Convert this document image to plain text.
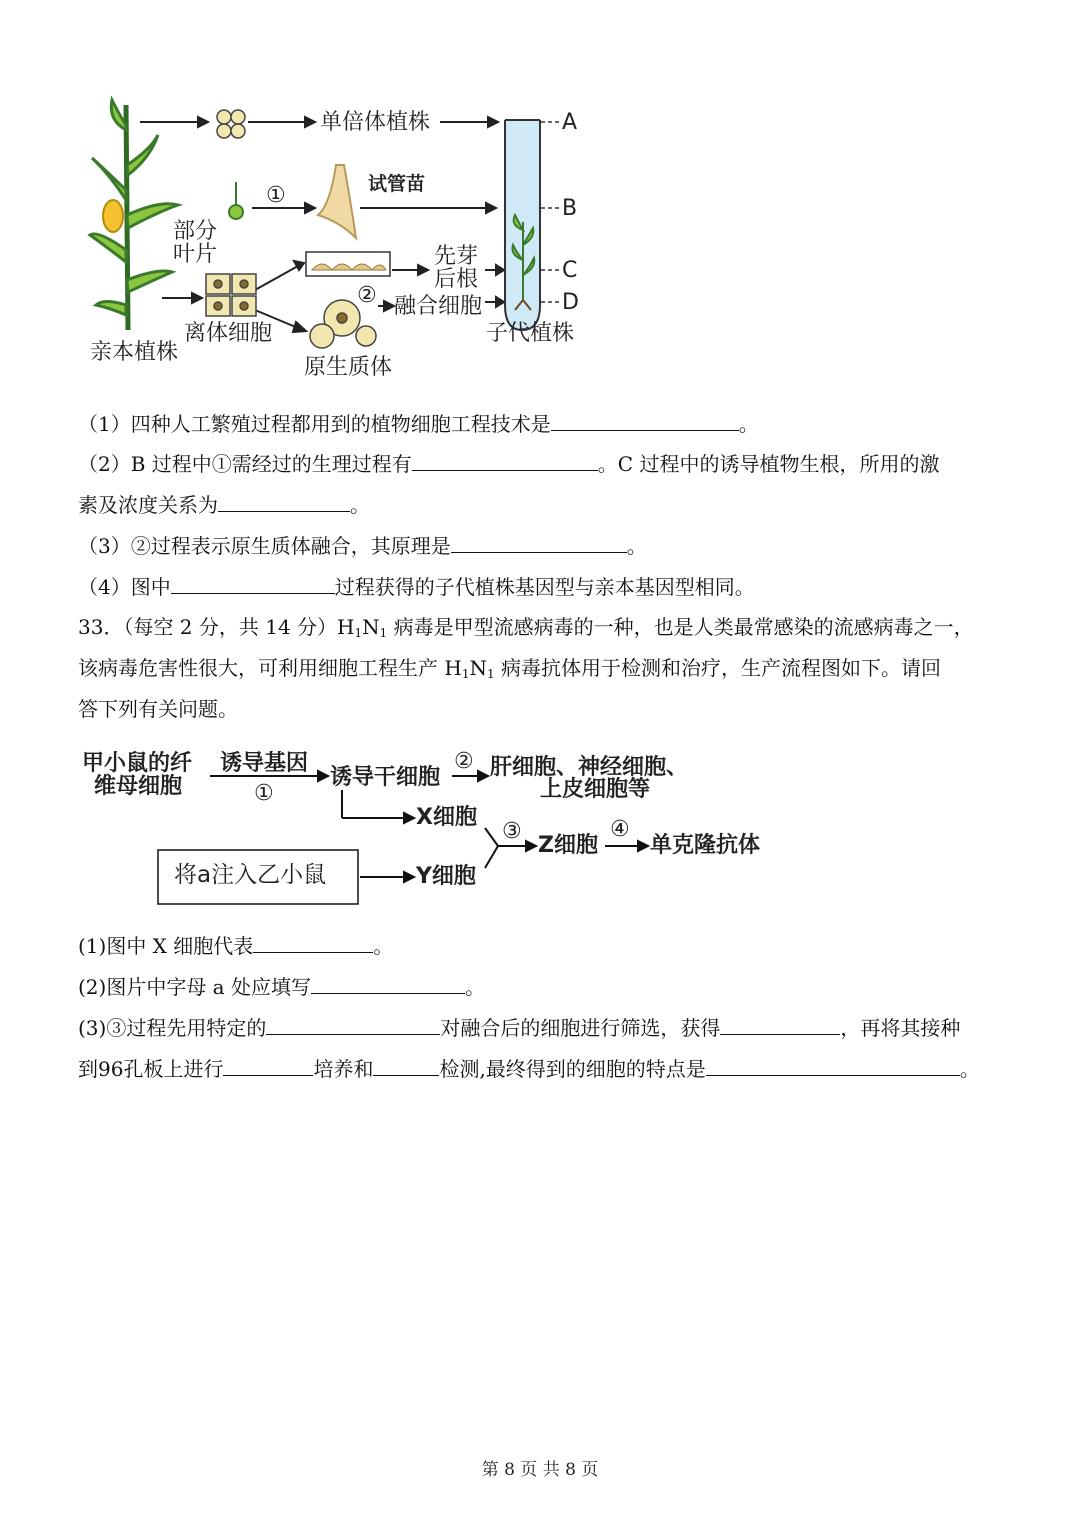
单倍体植株
试管苗
①
部分
叶片	先芽
后根
② 融合细胞
离体细胞	子代植株
亲本植株
原生质体
A
B
C
D
（1）四种人工繁殖过程都用到的植物细胞工程技术是	。
（2）B 过程中①需经过的生理过程有	。C 过程中的诱导植物生根，所用的激
素及浓度关系为	。
（3）②过程表示原生质体融合，其原理是	。
（4）图中	过程获得的子代植株基因型与亲本基因型相同。
33．（每空 2 分，共 14 分）$H_1N_1$ 病毒是甲型流感病毒的一种，也是人类最常感染的流感病毒之一，
该病毒危害性很大，可利用细胞工程生产 $H_1N_1$ 病毒抗体用于检测和治疗，生产流程图如下。请回
答下列有关问题。
甲小鼠的纤
维母细胞
诱导基因
①
诱导干细胞
② 肝细胞、神经细胞、
上皮细胞等
X细胞
③
Z细胞
④
单克隆抗体
将a注入乙小鼠	Y细胞
(1)图中 X 细胞代表	。
(2)图片中字母 a 处应填写	。
(3)③过程先用特定的	对融合后的细胞进行筛选，获得	，再将其接种
到96孔板上进行	培养和	检测,最终得到的细胞的特点是	。
第 8 页 共 8 页
